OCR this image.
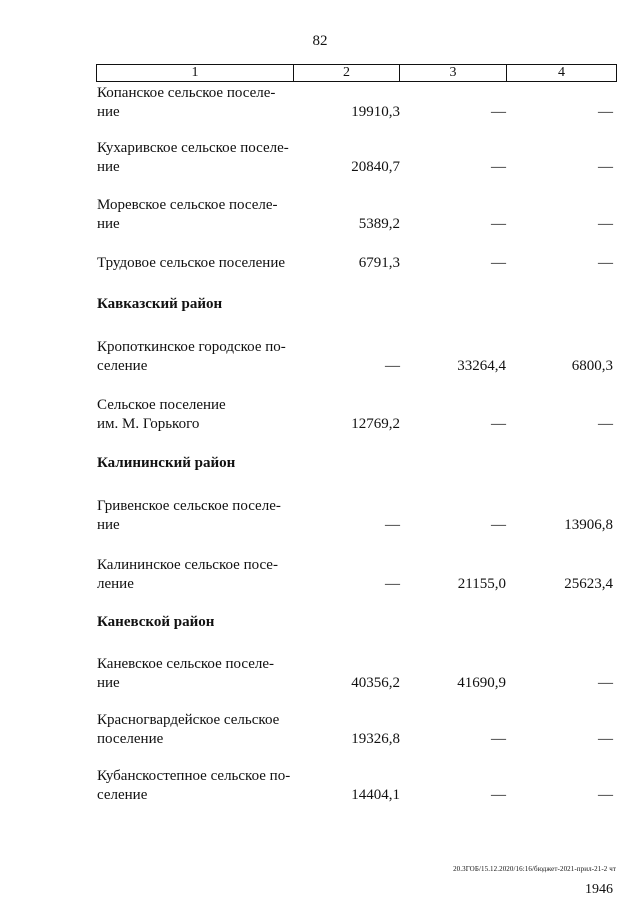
82
1	2	3	4
Копанское сельское поселе-
ние	19910,3	—	—
Кухаривское сельское поселе-
ние	20840,7	—	—
Моревское сельское поселе-
ние	5389,2	—	—
Трудовое сельское поселение	6791,3	—	—
Кавказский район
Кропоткинское городское по-
селение	—	33264,4	6800,3
Сельское поселение
им. М. Горького	12769,2	—	—
Калининский район
Гривенское сельское поселе-
ние	—	—	13906,8
Калининское сельское посе-
ление	—	21155,0	25623,4
Каневской район
Каневское сельское поселе-
ние	40356,2	41690,9	—
Красногвардейское сельское
поселение	19326,8	—	—
Кубанскостепное сельское по-
селение	14404,1	—	—
20.3ГОБ/15.12.2020/16:16/бюджет-2021-прил-21-2 чт
1946
